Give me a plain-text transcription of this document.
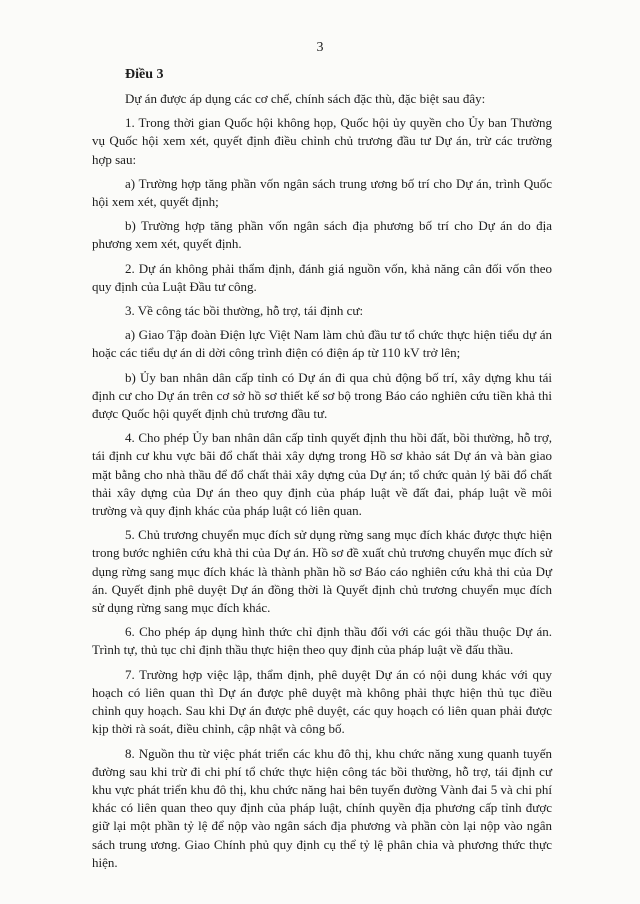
3
Điều 3

Dự án được áp dụng các cơ chế, chính sách đặc thù, đặc biệt sau đây:

1. Trong thời gian Quốc hội không họp, Quốc hội ủy quyền cho Ủy ban Thường vụ Quốc hội xem xét, quyết định điều chỉnh chủ trương đầu tư Dự án, trừ các trường hợp sau:

a) Trường hợp tăng phần vốn ngân sách trung ương bố trí cho Dự án, trình Quốc hội xem xét, quyết định;

b) Trường hợp tăng phần vốn ngân sách địa phương bố trí cho Dự án do địa phương xem xét, quyết định.

2. Dự án không phải thẩm định, đánh giá nguồn vốn, khả năng cân đối vốn theo quy định của Luật Đầu tư công.

3. Về công tác bồi thường, hỗ trợ, tái định cư:

a) Giao Tập đoàn Điện lực Việt Nam làm chủ đầu tư tổ chức thực hiện tiểu dự án hoặc các tiểu dự án di dời công trình điện có điện áp từ 110 kV trở lên;

b) Ủy ban nhân dân cấp tỉnh có Dự án đi qua chủ động bố trí, xây dựng khu tái định cư cho Dự án trên cơ sở hồ sơ thiết kế sơ bộ trong Báo cáo nghiên cứu tiền khả thi được Quốc hội quyết định chủ trương đầu tư.

4. Cho phép Ủy ban nhân dân cấp tỉnh quyết định thu hồi đất, bồi thường, hỗ trợ, tái định cư khu vực bãi đổ chất thải xây dựng trong Hồ sơ khảo sát Dự án và bàn giao mặt bằng cho nhà thầu để đổ chất thải xây dựng của Dự án; tổ chức quản lý bãi đổ chất thải xây dựng của Dự án theo quy định của pháp luật về đất đai, pháp luật về môi trường và quy định khác của pháp luật có liên quan.

5. Chủ trương chuyển mục đích sử dụng rừng sang mục đích khác được thực hiện trong bước nghiên cứu khả thi của Dự án. Hồ sơ đề xuất chủ trương chuyển mục đích sử dụng rừng sang mục đích khác là thành phần hồ sơ Báo cáo nghiên cứu khả thi của Dự án. Quyết định phê duyệt Dự án đồng thời là Quyết định chủ trương chuyển mục đích sử dụng rừng sang mục đích khác.

6. Cho phép áp dụng hình thức chỉ định thầu đối với các gói thầu thuộc Dự án. Trình tự, thủ tục chỉ định thầu thực hiện theo quy định của pháp luật về đấu thầu.

7. Trường hợp việc lập, thẩm định, phê duyệt Dự án có nội dung khác với quy hoạch có liên quan thì Dự án được phê duyệt mà không phải thực hiện thủ tục điều chỉnh quy hoạch. Sau khi Dự án được phê duyệt, các quy hoạch có liên quan phải được kịp thời rà soát, điều chỉnh, cập nhật và công bố.

8. Nguồn thu từ việc phát triển các khu đô thị, khu chức năng xung quanh tuyến đường sau khi trừ đi chi phí tổ chức thực hiện công tác bồi thường, hỗ trợ, tái định cư khu vực phát triển khu đô thị, khu chức năng hai bên tuyến đường Vành đai 5 và chi phí khác có liên quan theo quy định của pháp luật, chính quyền địa phương cấp tỉnh được giữ lại một phần tỷ lệ để nộp vào ngân sách địa phương và phần còn lại nộp vào ngân sách trung ương. Giao Chính phủ quy định cụ thể tỷ lệ phân chia và phương thức thực hiện.
